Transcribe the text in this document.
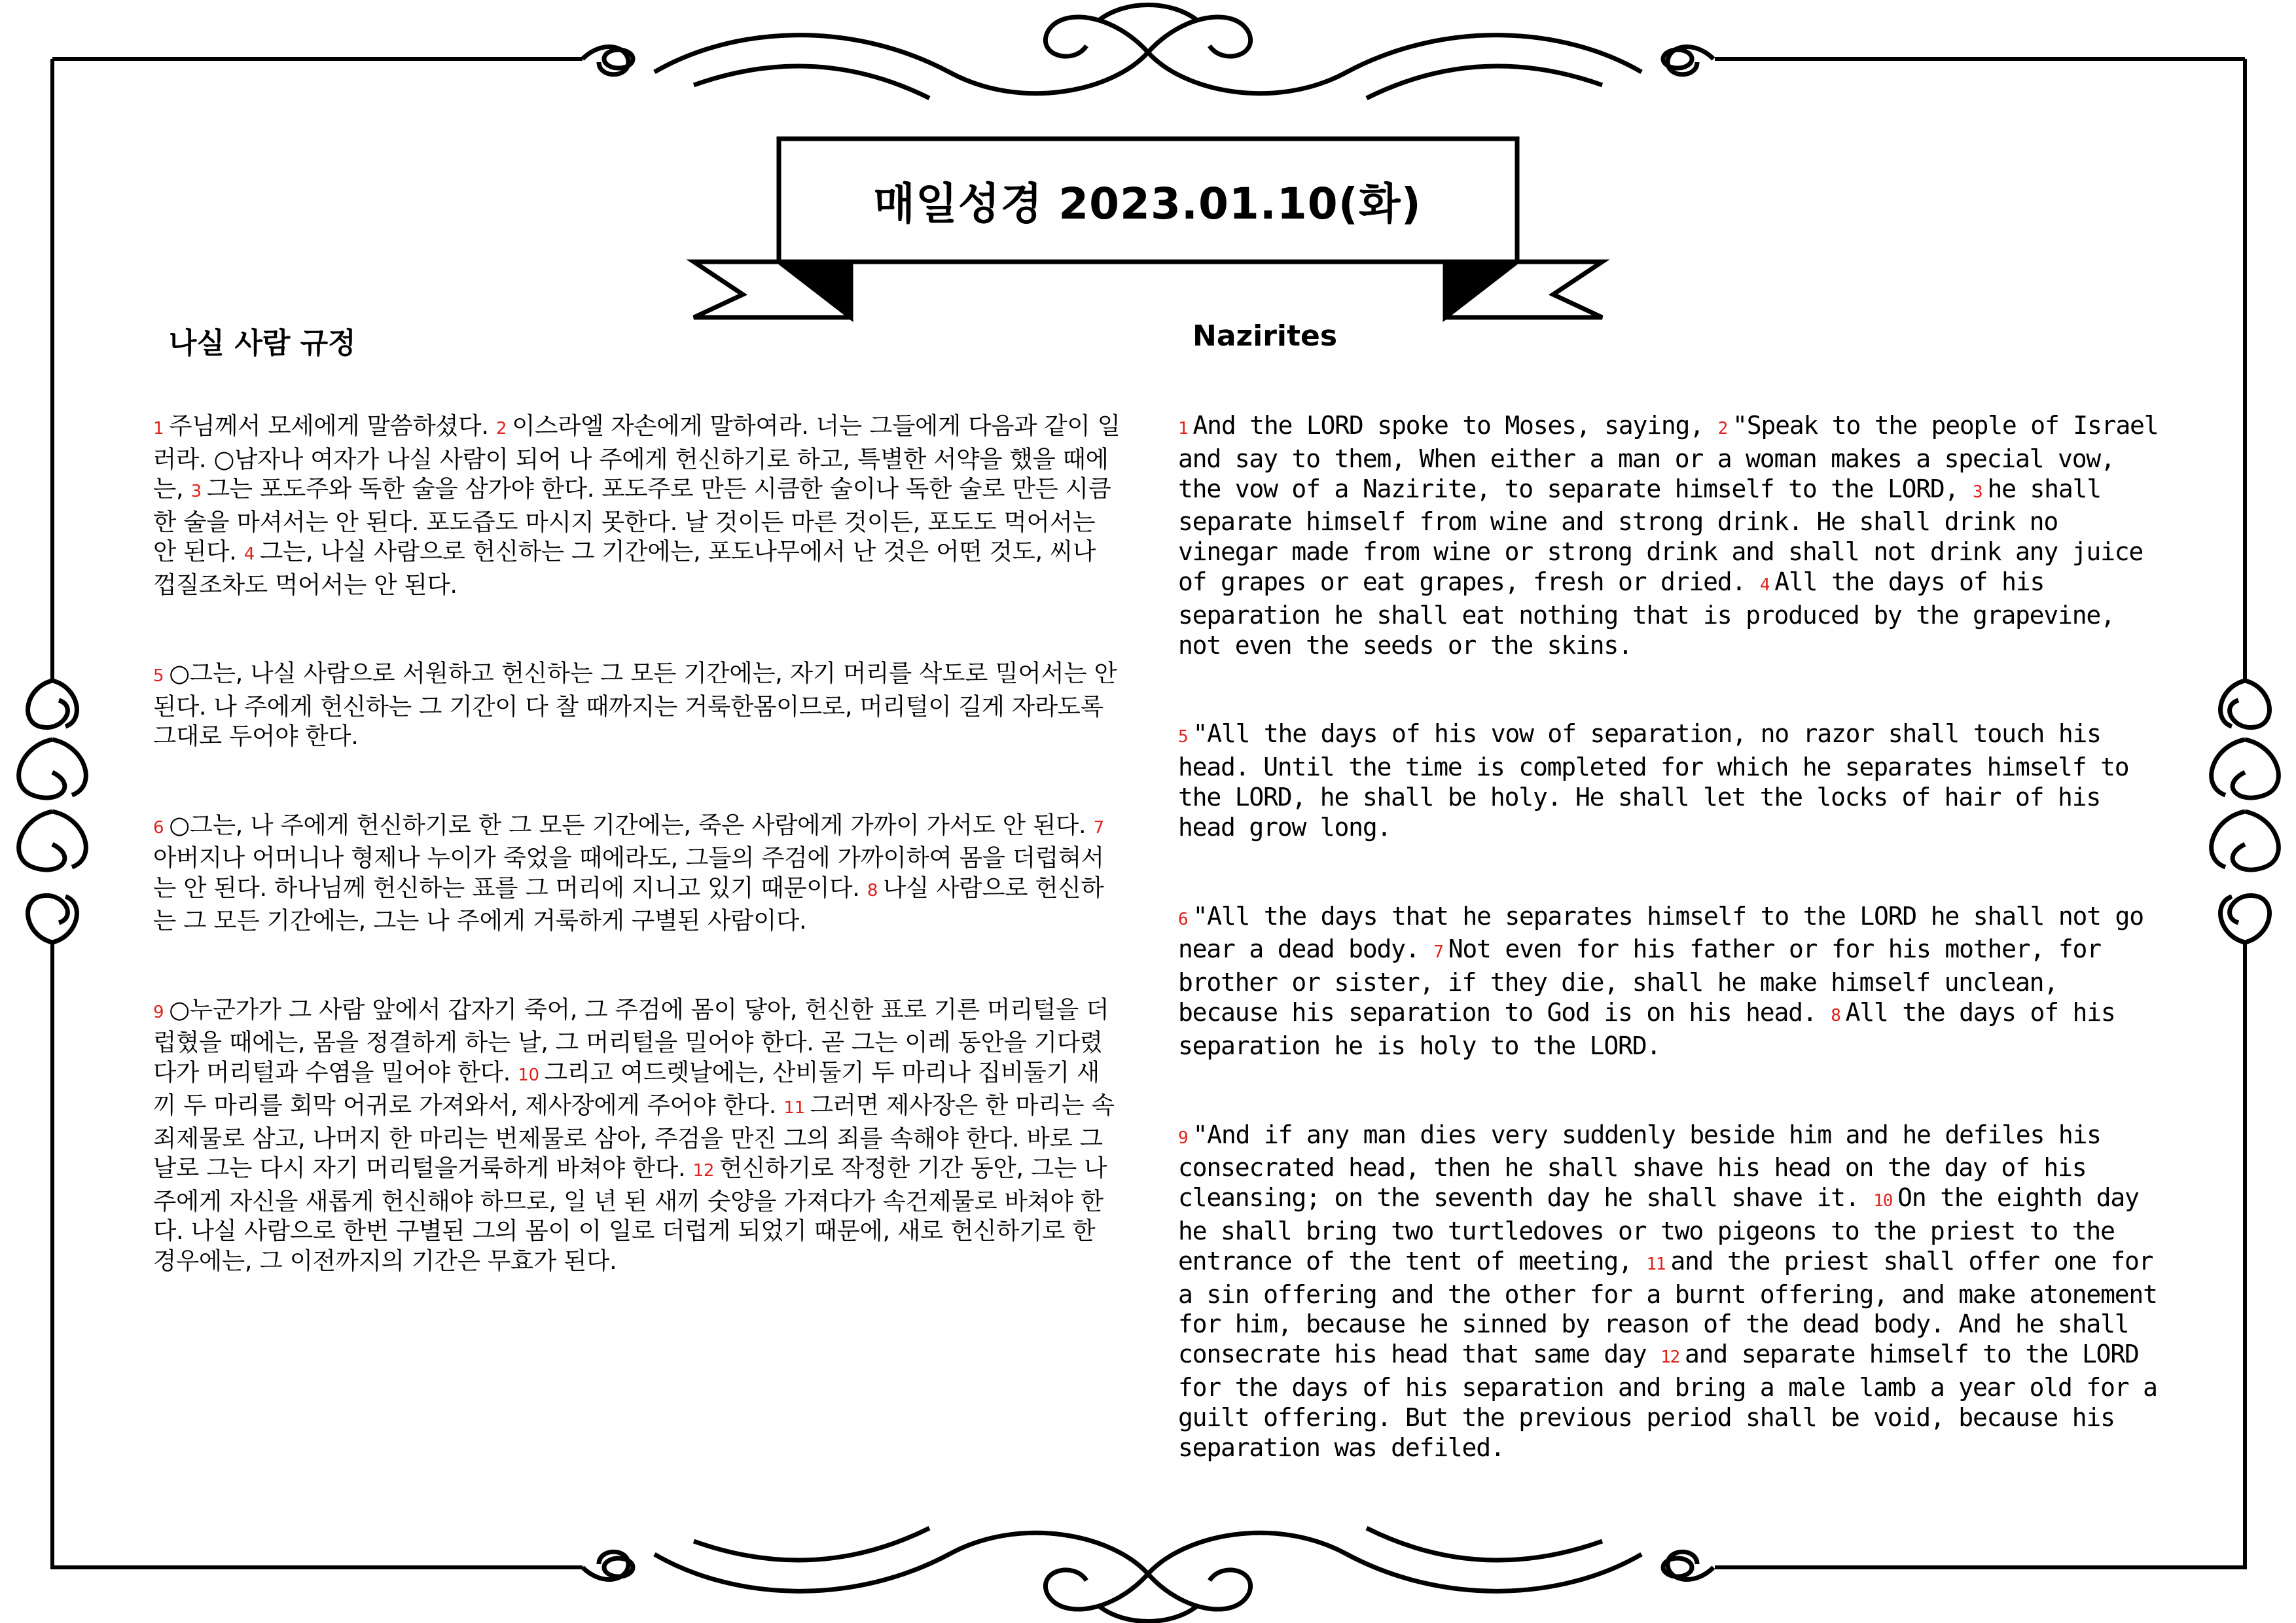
매일성경 2023.01.10(화)
나실 사람 규정	Nazirites

1 주님께서 모세에게 말씀하셨다. 2 이스라엘 자손에게 말하여라. 너는 그들에게 다음과 같이 일러라. ○남자나 여자가 나실 사람이 되어 나 주에게 헌신하기로 하고, 특별한 서약을 했을 때에는, 3 그는 포도주와 독한 술을 삼가야 한다. 포도주로 만든 시큼한 술이나 독한 술로 만든 시큼한 술을 마셔서는 안 된다. 포도즙도 마시지 못한다. 날 것이든 마른 것이든, 포도도 먹어서는 안 된다. 4 그는, 나실 사람으로 헌신하는 그 기간에는, 포도나무에서 난 것은 어떤 것도, 씨나 껍질조차도 먹어서는 안 된다.

5 ○그는, 나실 사람으로 서원하고 헌신하는 그 모든 기간에는, 자기 머리를 삭도로 밀어서는 안 된다. 나 주에게 헌신하는 그 기간이 다 찰 때까지는 거룩한몸이므로, 머리털이 길게 자라도록 그대로 두어야 한다.

6 ○그는, 나 주에게 헌신하기로 한 그 모든 기간에는, 죽은 사람에게 가까이 가서도 안 된다. 7아버지나 어머니나 형제나 누이가 죽었을 때에라도, 그들의 주검에 가까이하여 몸을 더럽혀서는 안 된다. 하나님께 헌신하는 표를 그 머리에 지니고 있기 때문이다. 8 나실 사람으로 헌신하는 그 모든 기간에는, 그는 나 주에게 거룩하게 구별된 사람이다.

9 ○누군가가 그 사람 앞에서 갑자기 죽어, 그 주검에 몸이 닿아, 헌신한 표로 기른 머리털을 더럽혔을 때에는, 몸을 정결하게 하는 날, 그 머리털을 밀어야 한다. 곧 그는 이레 동안을 기다렸다가 머리털과 수염을 밀어야 한다. 10 그리고 여드렛날에는, 산비둘기 두 마리나 집비둘기 새끼 두 마리를 회막 어귀로 가져와서, 제사장에게 주어야 한다. 11 그러면 제사장은 한 마리는 속죄제물로 삼고, 나머지 한 마리는 번제물로 삼아, 주검을 만진 그의 죄를 속해야 한다. 바로 그 날로 그는 다시 자기 머리털을거룩하게 바쳐야 한다. 12 헌신하기로 작정한 기간 동안, 그는 나 주에게 자신을 새롭게 헌신해야 하므로, 일 년 된 새끼 숫양을 가져다가 속건제물로 바쳐야 한다. 나실 사람으로 한번 구별된 그의 몸이 이 일로 더럽게 되었기 때문에, 새로 헌신하기로 한 경우에는, 그 이전까지의 기간은 무효가 된다.

1 And the LORD spoke to Moses, saying, 2 "Speak to the people of Israel and say to them, When either a man or a woman makes a special vow, the vow of a Nazirite, to separate himself to the LORD, 3 he shall separate himself from wine and strong drink. He shall drink no vinegar made from wine or strong drink and shall not drink any juice of grapes or eat grapes, fresh or dried. 4 All the days of his separation he shall eat nothing that is produced by the grapevine, not even the seeds or the skins.

5 "All the days of his vow of separation, no razor shall touch his head. Until the time is completed for which he separates himself to the LORD, he shall be holy. He shall let the locks of hair of his head grow long.

6 "All the days that he separates himself to the LORD he shall not go near a dead body. 7 Not even for his father or for his mother, for brother or sister, if they die, shall he make himself unclean, because his separation to God is on his head. 8 All the days of his separation he is holy to the LORD.

9 "And if any man dies very suddenly beside him and he defiles his consecrated head, then he shall shave his head on the day of his cleansing; on the seventh day he shall shave it. 10 On the eighth day he shall bring two turtledoves or two pigeons to the priest to the entrance of the tent of meeting, 11 and the priest shall offer one for a sin offering and the other for a burnt offering, and make atonement for him, because he sinned by reason of the dead body. And he shall consecrate his head that same day 12 and separate himself to the LORD for the days of his separation and bring a male lamb a year old for a guilt offering. But the previous period shall be void, because his separation was defiled.
